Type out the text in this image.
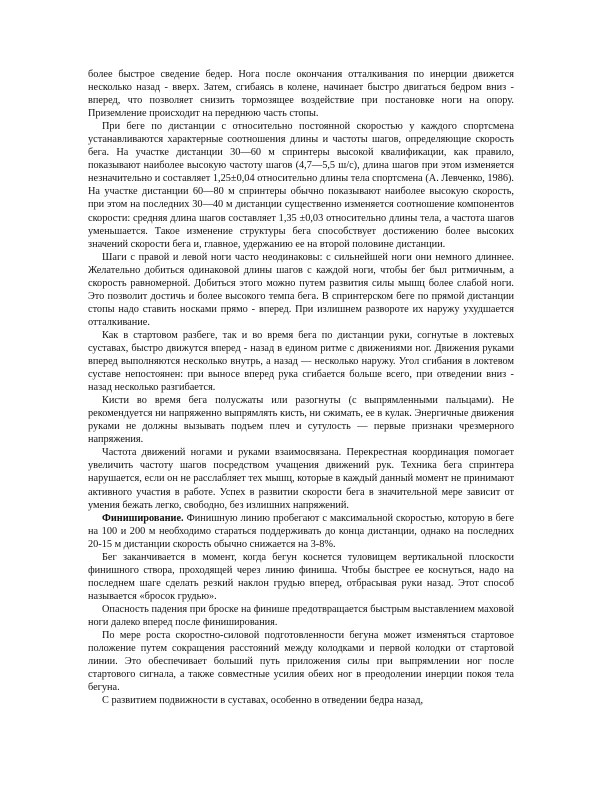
более быстрое сведение бедер. Нога после окончания отталкивания по инерции движется несколько назад - вверх. Затем, сгибаясь в колене, начинает быстро двигаться бедром вниз - вперед, что позволяет снизить тормозящее воздействие при постановке ноги на опору. Приземление происходит на переднюю часть стопы.

При беге по дистанции с относительно постоянной скоростью у каждого спортсмена устанавливаются характерные соотношения длины и частоты шагов, определяющие скорость бега. На участке дистанции 30—60 м спринтеры высокой квалификации, как правило, показывают наиболее высокую частоту шагов (4,7—5,5 ш/с), длина шагов при этом изменяется незначительно и составляет 1,25±0,04 относительно длины тела спортсмена (А. Левченко, 1986). На участке дистанции 60—80 м спринтеры обычно показывают наиболее высокую скорость, при этом на последних 30—40 м дистанции существенно изменяется соотношение компонентов скорости: средняя длина шагов составляет 1,35 ±0,03 относительно длины тела, а частота шагов уменьшается. Такое изменение структуры бега способствует достижению более высоких значений скорости бега и, главное, удержанию ее на второй половине дистанции.

Шаги с правой и левой ноги часто неодинаковы: с сильнейшей ноги они немного длиннее. Желательно добиться одинаковой длины шагов с каждой ноги, чтобы бег был ритмичным, а скорость равномерной. Добиться этого можно путем развития силы мышц более слабой ноги. Это позволит достичь и более высокого темпа бега. В спринтерском беге по прямой дистанции стопы надо ставить носками прямо - вперед. При излишнем развороте их наружу ухудшается отталкивание.

Как в стартовом разбеге, так и во время бега по дистанции руки, согнутые в локтевых суставах, быстро движутся вперед - назад в едином ритме с движениями ног. Движения руками вперед выполняются несколько внутрь, а назад — несколько наружу. Угол сгибания в локтевом суставе непостоянен: при выносе вперед рука сгибается больше всего, при отведении вниз - назад несколько разгибается.

Кисти во время бега полусжаты или разогнуты (с выпрямленными пальцами). Не рекомендуется ни напряженно выпрямлять кисть, ни сжимать, ее в кулак. Энергичные движения руками не должны вызывать подъем плеч и сутулость — первые признаки чрезмерного напряжения.

Частота движений ногами и руками взаимосвязана. Перекрестная координация помогает увеличить частоту шагов посредством учащения движений рук. Техника бега спринтера нарушается, если он не расслабляет тех мышц, которые в каждый данный момент не принимают активного участия в работе. Успех в развитии скорости бега в значительной мере зависит от умения бежать легко, свободно, без излишних напряжений.

Финиширование. Финишную линию пробегают с максимальной скоростью, которую в беге на 100 и 200 м необходимо стараться поддерживать до конца дистанции, однако на последних 20-15 м дистанции скорость обычно снижается на 3-8%.

Бег заканчивается в момент, когда бегун коснется туловищем вертикальной плоскости финишного створа, проходящей через линию финиша. Чтобы быстрее ее коснуться, надо на последнем шаге сделать резкий наклон грудью вперед, отбрасывая руки назад. Этот способ называется «бросок грудью».

Опасность падения при броске на финише предотвращается быстрым выставлением маховой ноги далеко вперед после финиширования.

По мере роста скоростно-силовой подготовленности бегуна может изменяться стартовое положение путем сокращения расстояний между колодками и первой колодки от стартовой линии. Это обеспечивает больший путь приложения силы при выпрямлении ног после стартового сигнала, а также совместные усилия обеих ног в преодолении инерции покоя тела бегуна.

С развитием подвижности в суставах, особенно в отведении бедра назад,
